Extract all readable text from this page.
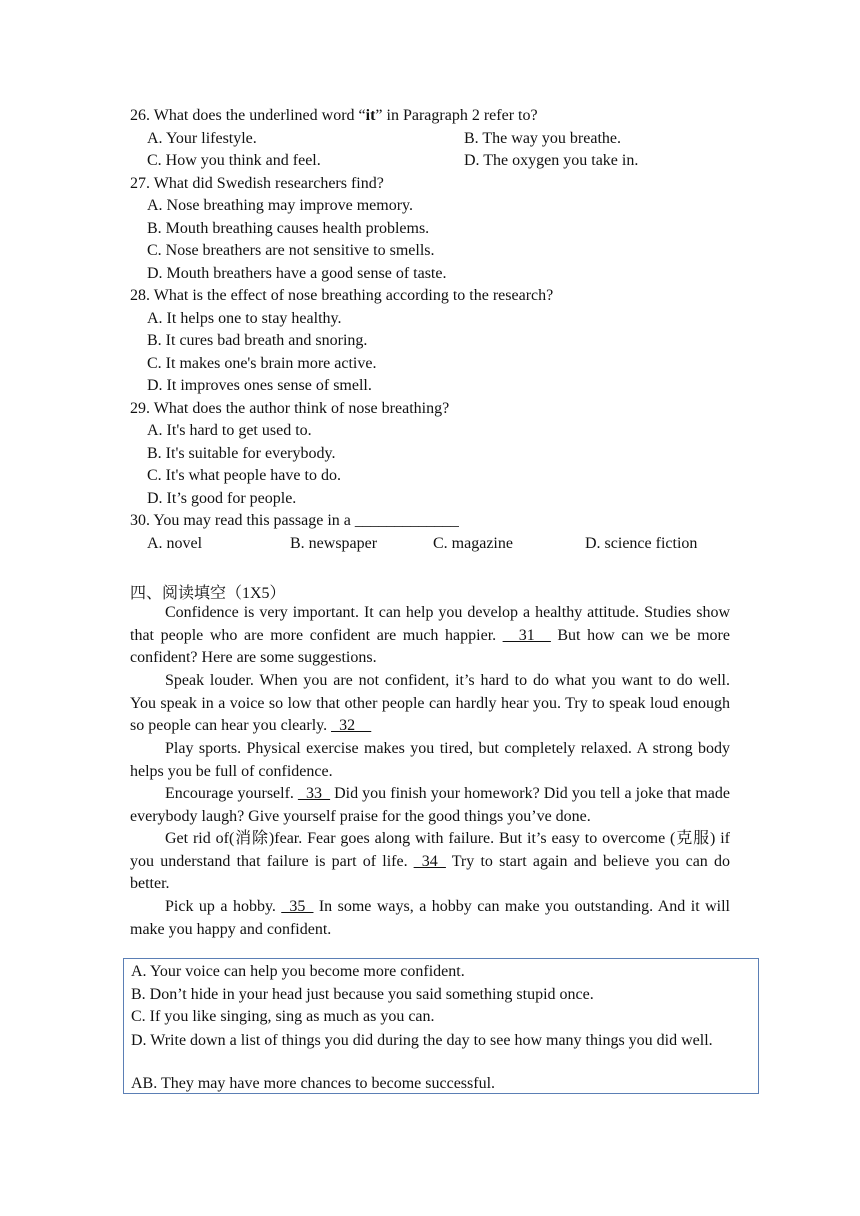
26. What does the underlined word “it” in Paragraph 2 refer to?
A. Your lifestyle.	B. The way you breathe.
C. How you think and feel.	D. The oxygen you take in.
27. What did Swedish researchers find?
A. Nose breathing may improve memory.
B. Mouth breathing causes health problems.
C. Nose breathers are not sensitive to smells.
D. Mouth breathers have a good sense of taste.
28. What is the effect of nose breathing according to the research?
A. It helps one to stay healthy.
B. It cures bad breath and snoring.
C. It makes one's brain more active.
D. It improves ones sense of smell.
29. What does the author think of nose breathing?
A. It's hard to get used to.
B. It's suitable for everybody.
C. It's what people have to do.
D. It’s good for people.
30. You may read this passage in a _____________
A. novel	B. newspaper	C. magazine	D. science fiction
四、阅读填空（1X5）
Confidence is very important. It can help you develop a healthy attitude. Studies show that people who are more confident are much happier. __31__ But how can we be more confident? Here are some suggestions.
Speak louder. When you are not confident, it’s hard to do what you want to do well. You speak in a voice so low that other people can hardly hear you. Try to speak loud enough so people can hear you clearly. _32__
Play sports. Physical exercise makes you tired, but completely relaxed. A strong body helps you be full of confidence.
Encourage yourself. _33_ Did you finish your homework? Did you tell a joke that made everybody laugh? Give yourself praise for the good things you’ve done.
Get rid of(消除)fear. Fear goes along with failure. But it’s easy to overcome (克服) if you understand that failure is part of life. _34_ Try to start again and believe you can do better.
Pick up a hobby. _35_ In some ways, a hobby can make you outstanding. And it will make you happy and confident.
A. Your voice can help you become more confident.
B. Don’t hide in your head just because you said something stupid once.
C. If you like singing, sing as much as you can.
D. Write down a list of things you did during the day to see how many things you did well.
AB. They may have more chances to become successful.
